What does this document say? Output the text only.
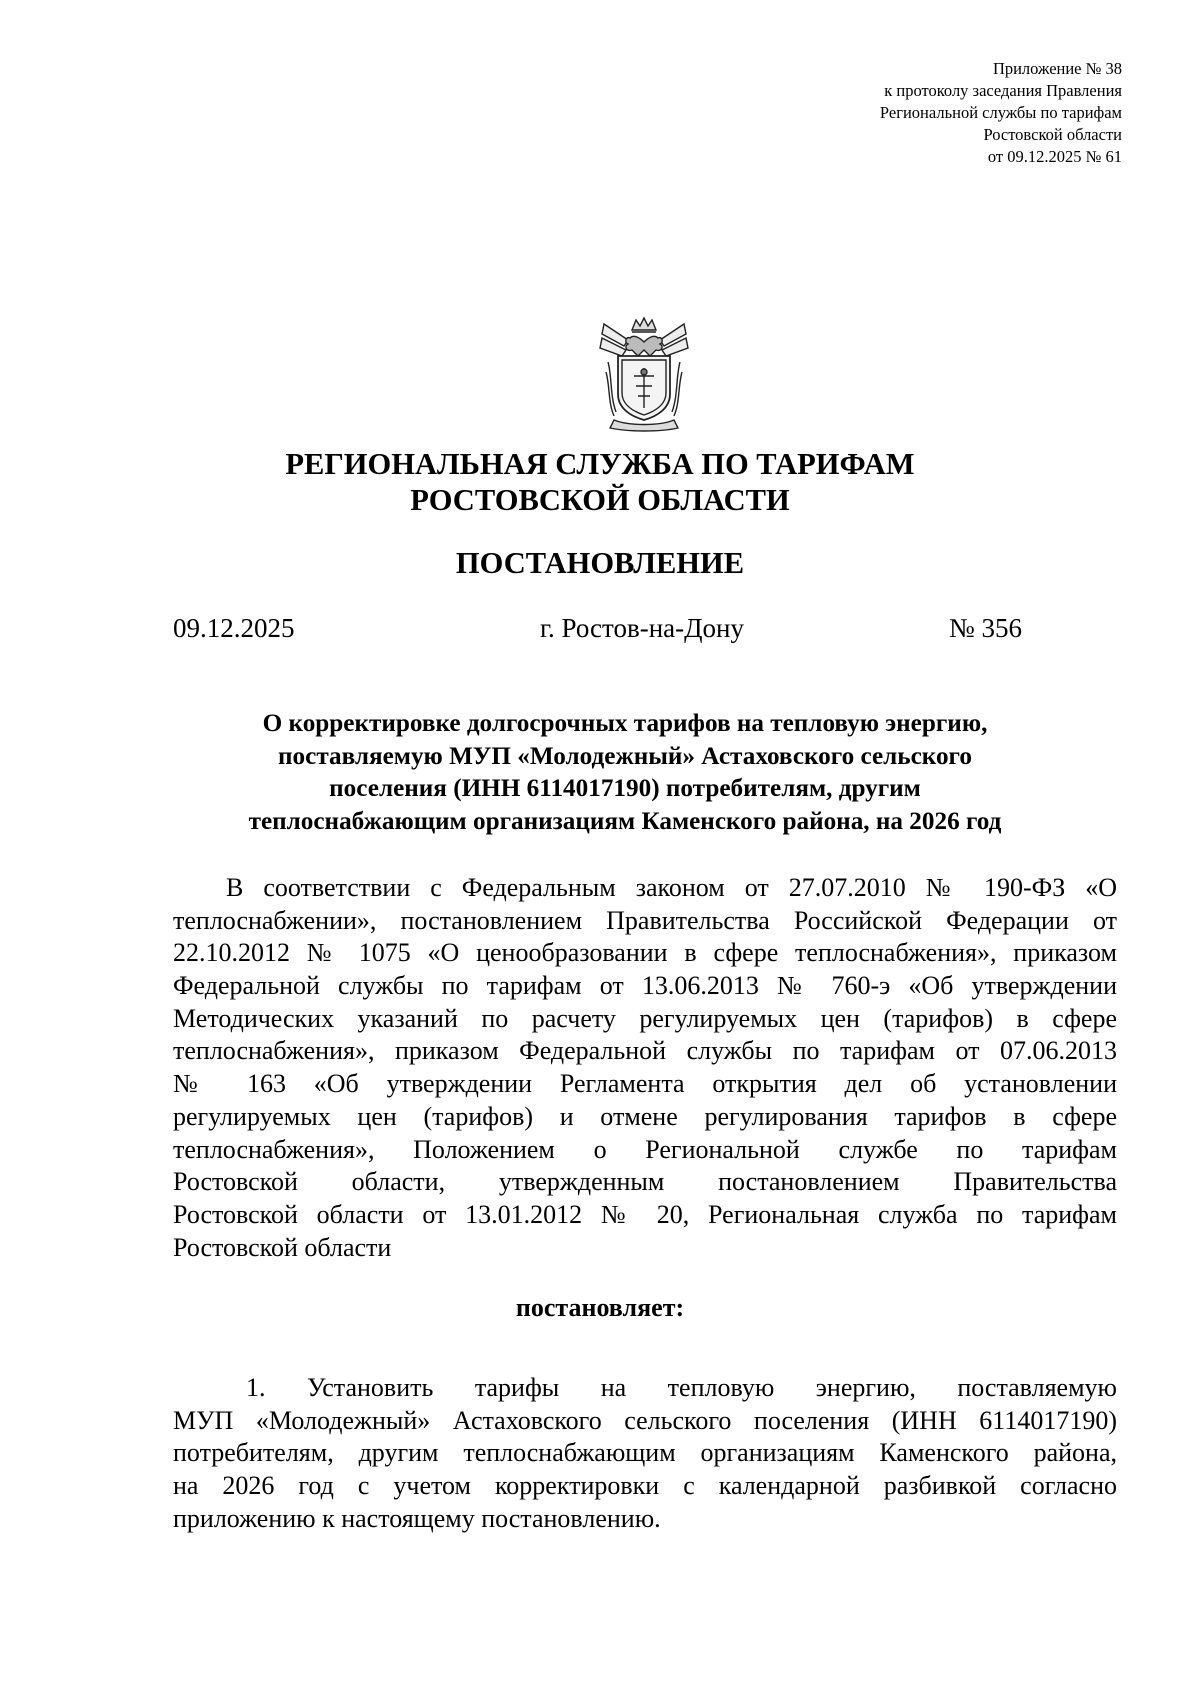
Приложение № 38
к протоколу заседания Правления
Региональной службы по тарифам
Ростовской области
от 09.12.2025 № 61
РЕГИОНАЛЬНАЯ СЛУЖБА ПО ТАРИФАМ
РОСТОВСКОЙ ОБЛАСТИ
ПОСТАНОВЛЕНИЕ
09.12.2025	г. Ростов-на-Дону	№ 356
О корректировке долгосрочных тарифов на тепловую энергию,
поставляемую МУП «Молодежный» Астаховского сельского
поселения (ИНН 6114017190) потребителям, другим
теплоснабжающим организациям Каменского района, на 2026 год
В соответствии с Федеральным законом от 27.07.2010 № 190-ФЗ «О
теплоснабжении», постановлением Правительства Российской Федерации от
22.10.2012 № 1075 «О ценообразовании в сфере теплоснабжения», приказом
Федеральной службы по тарифам от 13.06.2013 № 760-э «Об утверждении
Методических указаний по расчету регулируемых цен (тарифов) в сфере
теплоснабжения», приказом Федеральной службы по тарифам от 07.06.2013
№ 163 «Об утверждении Регламента открытия дел об установлении
регулируемых цен (тарифов) и отмене регулирования тарифов в сфере
теплоснабжения», Положением о Региональной службе по тарифам
Ростовской области, утвержденным постановлением Правительства
Ростовской области от 13.01.2012 № 20, Региональная служба по тарифам
Ростовской области
постановляет:
1. Установить тарифы на тепловую энергию, поставляемую
МУП «Молодежный» Астаховского сельского поселения (ИНН 6114017190)
потребителям, другим теплоснабжающим организациям Каменского района,
на 2026 год с учетом корректировки с календарной разбивкой согласно
приложению к настоящему постановлению.
